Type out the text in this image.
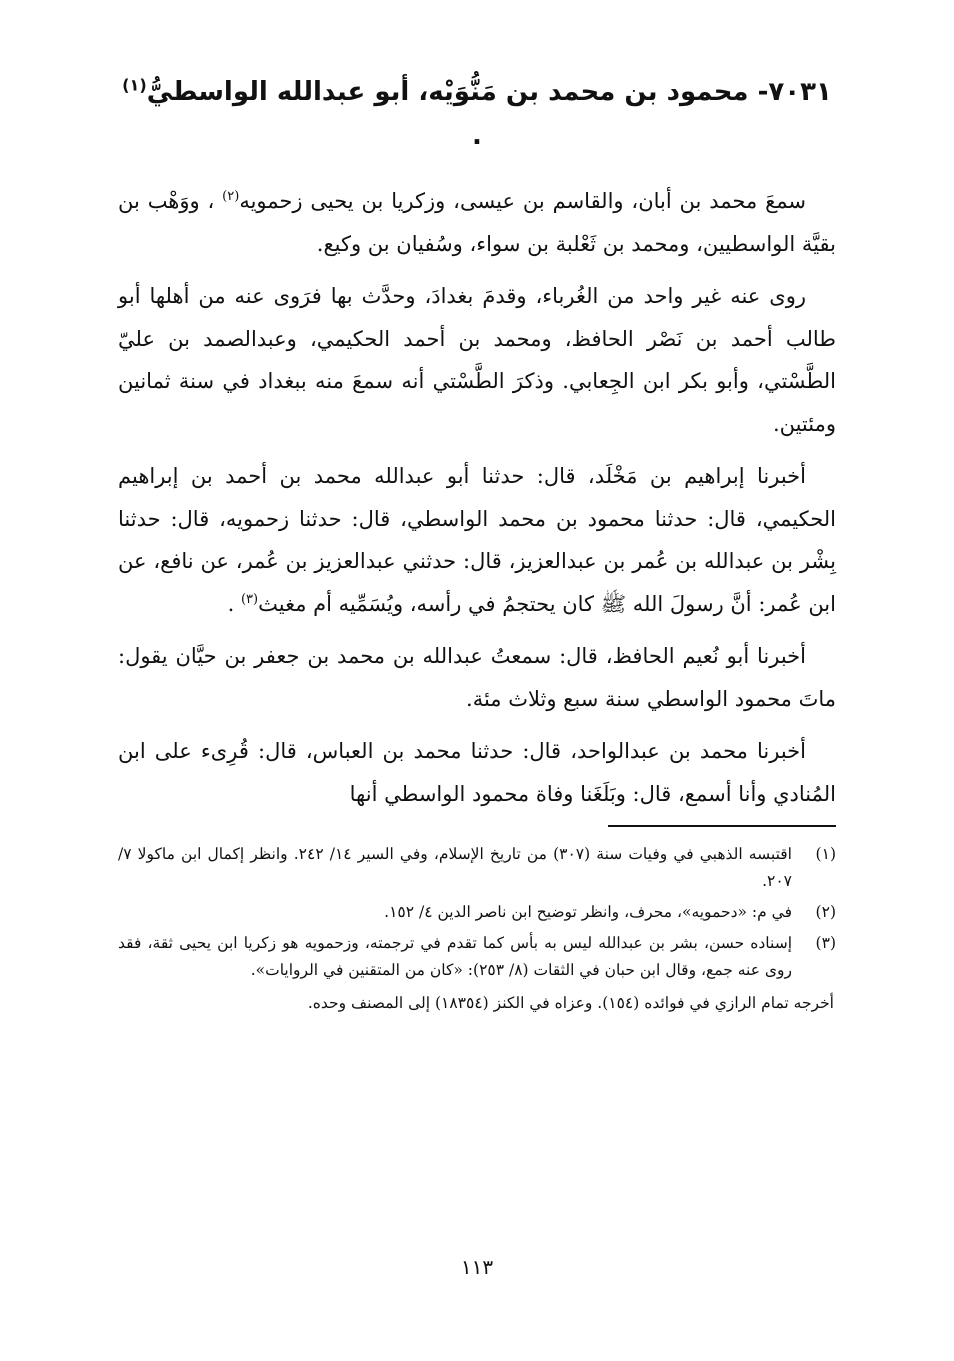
٧٠٣١- محمود بن محمد بن مَنُّوَيْه، أبو عبدالله الواسطيُّ$^{(١)}$ .

سمعَ محمد بن أبان، والقاسم بن عيسى، وزكريا بن يحيى زحمويه$^{(٢)}$ ، ووَهْب بن بقيَّة الواسطيين، ومحمد بن ثَعْلبة بن سواء، وسُفيان بن وكيع.

روى عنه غير واحد من الغُرباء، وقدمَ بغدادَ، وحدَّث بها فرَوى عنه من أهلها أبو طالب أحمد بن نَصْر الحافظ، ومحمد بن أحمد الحكيمي، وعبدالصمد بن عليّ الطَّسْتي، وأبو بكر ابن الجِعابي. وذكرَ الطَّسْتي أنه سمعَ منه ببغداد في سنة ثمانين ومئتين.

أخبرنا إبراهيم بن مَخْلَد، قال: حدثنا أبو عبدالله محمد بن أحمد بن إبراهيم الحكيمي، قال: حدثنا محمود بن محمد الواسطي، قال: حدثنا زحمويه، قال: حدثنا بِشْر بن عبدالله بن عُمر بن عبدالعزيز، قال: حدثني عبدالعزيز بن عُمر، عن نافع، عن ابن عُمر: أنَّ رسولَ الله ﷺ كان يحتجمُ في رأسه، ويُسَمِّيه أم مغيث$^{(٣)}$ .

أخبرنا أبو نُعيم الحافظ، قال: سمعتُ عبدالله بن محمد بن جعفر بن حيَّان يقول: ماتَ محمود الواسطي سنة سبع وثلاث مئة.

أخبرنا محمد بن عبدالواحد، قال: حدثنا محمد بن العباس، قال: قُرِىء على ابن المُنادي وأنا أسمع، قال: وبَلَغَنا وفاة محمود الواسطي أنها

(١)
اقتبسه الذهبي في وفيات سنة (٣٠٧) من تاريخ الإسلام، وفي السير ١٤/ ٢٤٢. وانظر إكمال ابن ماكولا ٧/ ٢٠٧.
(٢)
في م: «دحمويه»، محرف، وانظر توضيح ابن ناصر الدين ٤/ ١٥٢.
(٣)
إسناده حسن، بشر بن عبدالله ليس به بأس كما تقدم في ترجمته، وزحمويه هو زكريا ابن يحيى ثقة، فقد روى عنه جمع، وقال ابن حبان في الثقات (٨/ ٢٥٣): «كان من المتقنين في الروايات».

أخرجه تمام الرازي في فوائده (١٥٤). وعزاه في الكنز (١٨٣٥٤) إلى المصنف وحده.

١١٣
